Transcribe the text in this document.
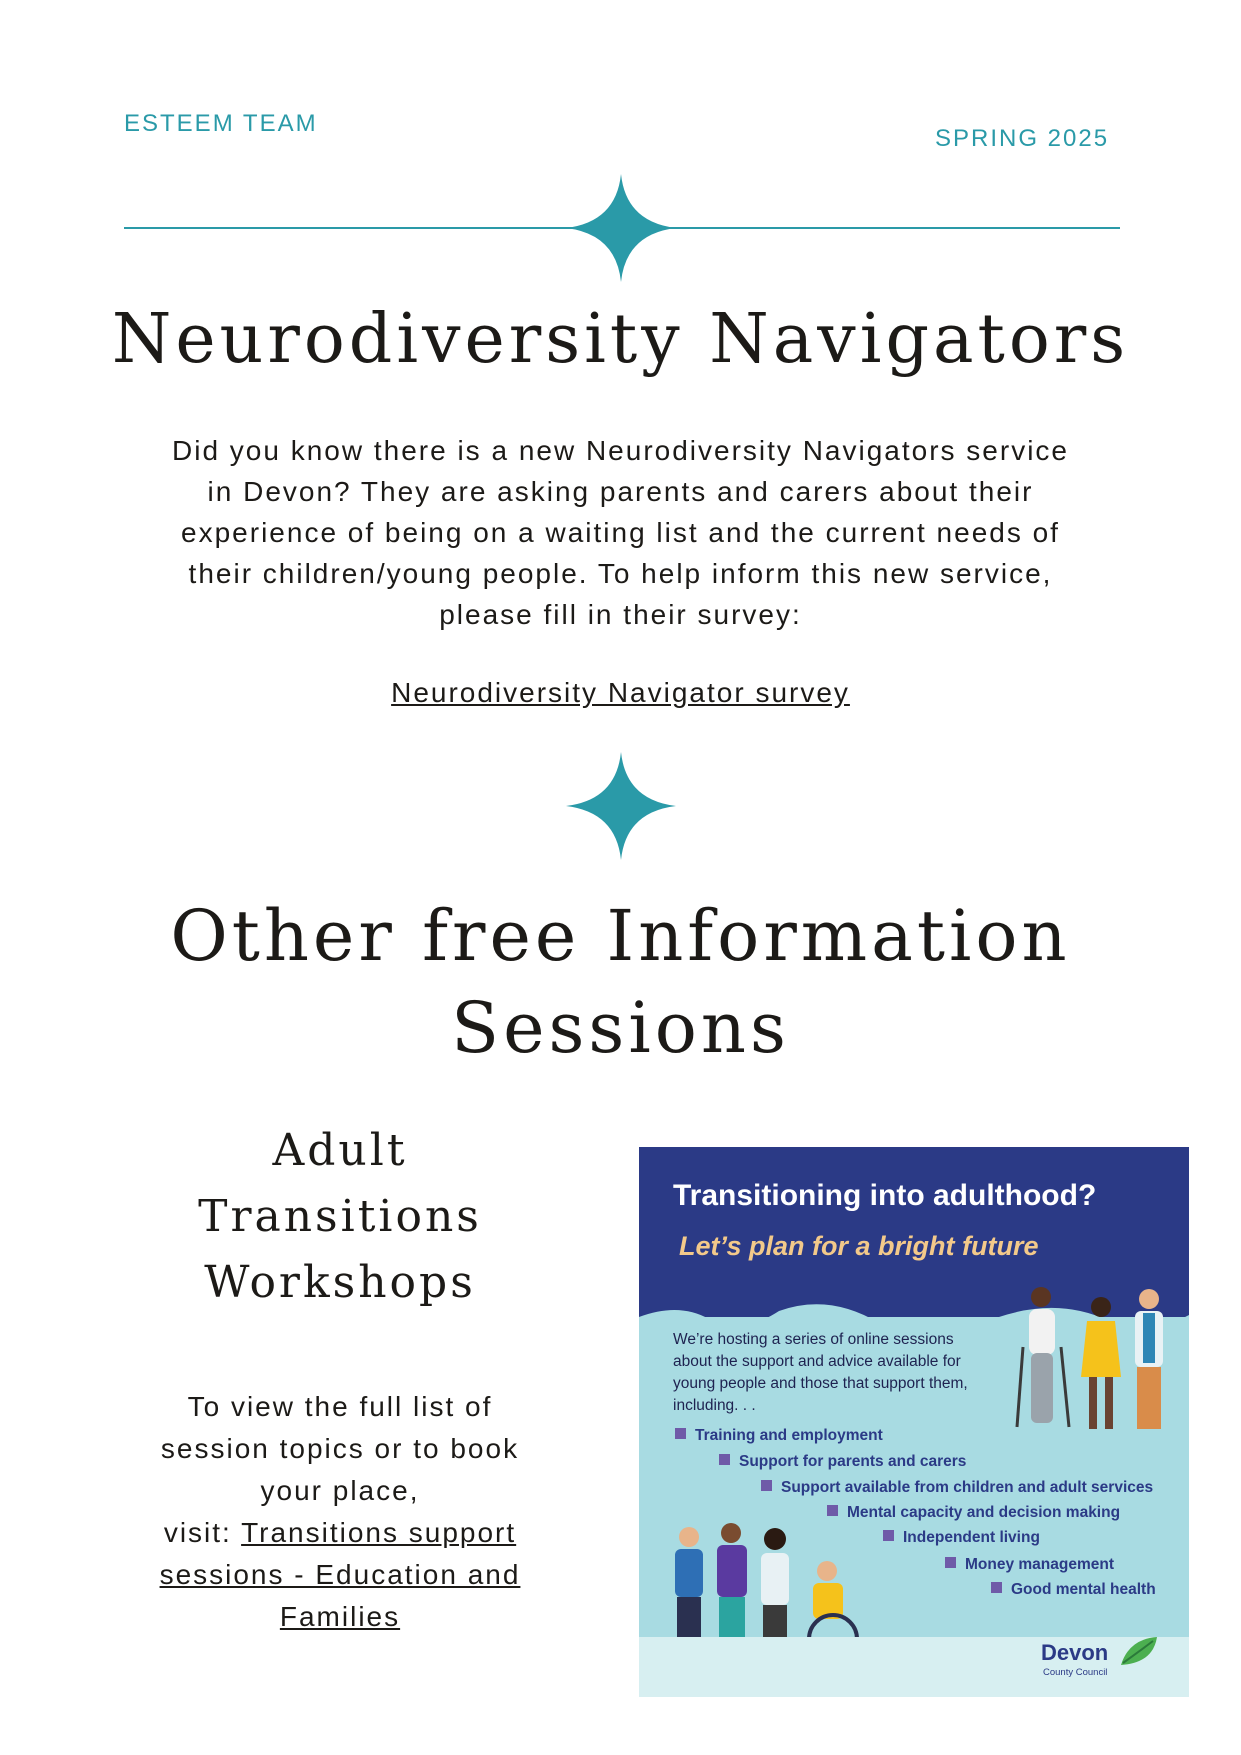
ESTEEM TEAM
SPRING 2025
Neurodiversity Navigators
Did you know there is a new Neurodiversity Navigators service
in Devon? They are asking parents and carers about their
experience of being on a waiting list and the current needs of
their children/young people. To help inform this new service,
please fill in their survey:
Neurodiversity Navigator survey
Other free Information
Sessions
Adult
Transitions
Workshops
To view the full list of
session topics or to book
your place,
visit: Transitions support
sessions - Education and
Families
Transitioning into adulthood?
Let’s plan for a bright future
We’re hosting a series of online sessions about the support and advice available for young people and those that support them, including. . .
Training and employment
Support for parents and carers
Support available from children and adult services
Mental capacity and decision making
Independent living
Money management
Good mental health
Devon
County Council
